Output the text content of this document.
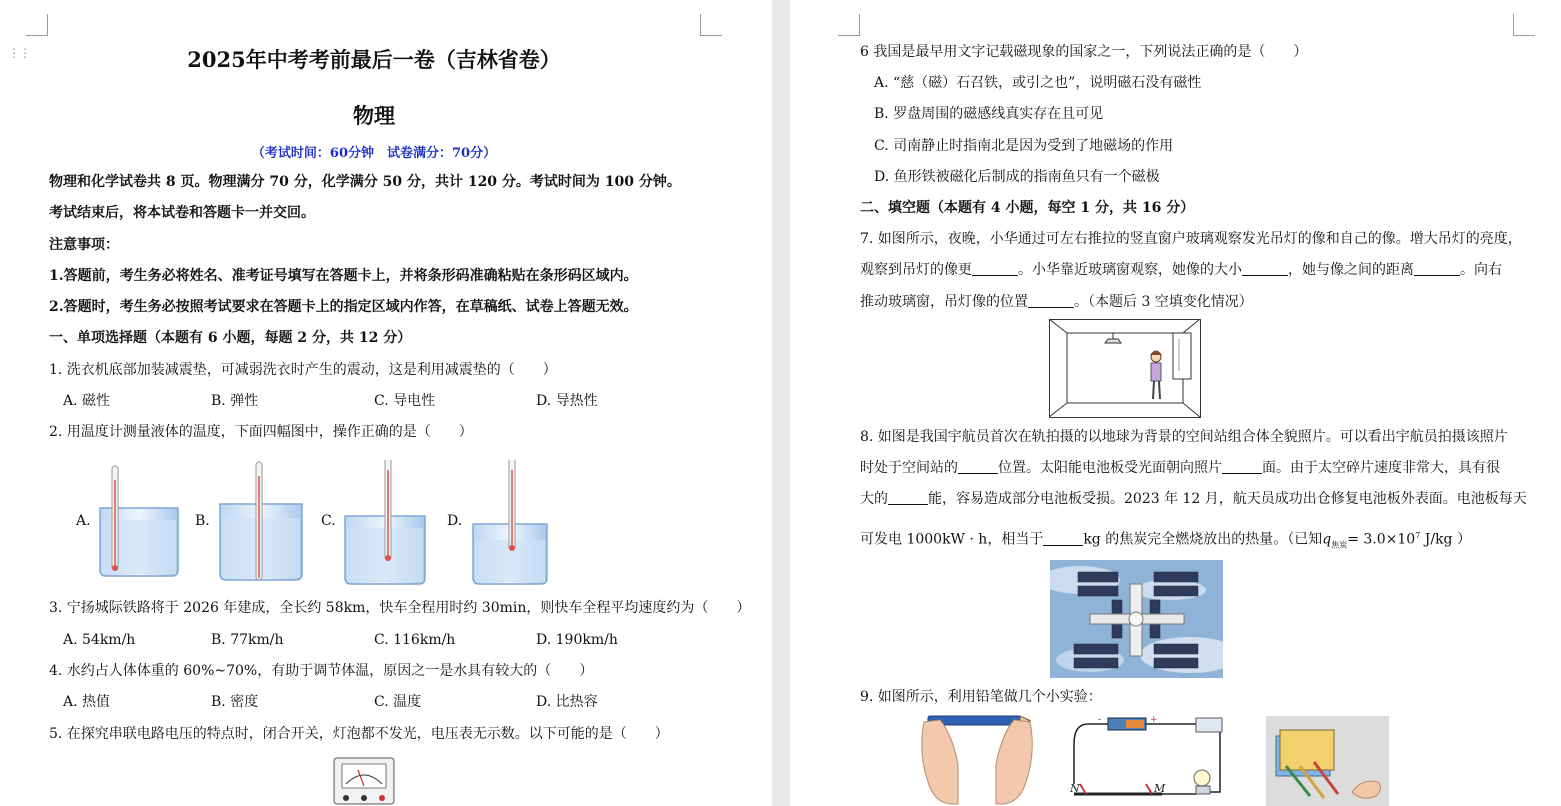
⋮⋮	2025年中考考前最后一卷（吉林省卷）
物理
（考试时间：60分钟　试卷满分：70分）
物理和化学试卷共 8 页。物理满分 70 分，化学满分 50 分，共计 120 分。考试时间为 100 分钟。
考试结束后，将本试卷和答题卡一并交回。
注意事项：
1.答题前，考生务必将姓名、准考证号填写在答题卡上，并将条形码准确粘贴在条形码区域内。
2.答题时，考生务必按照考试要求在答题卡上的指定区域内作答，在草稿纸、试卷上答题无效。
一、单项选择题（本题有 6 小题，每题 2 分，共 12 分）
1. 洗衣机底部加装减震垫，可减弱洗衣时产生的震动，这是利用减震垫的（　　）
A. 磁性	B. 弹性	C. 导电性	D. 导热性
2. 用温度计测量液体的温度，下面四幅图中，操作正确的是（　　）
A.	B.	C.	D.
3. 宁扬城际铁路将于 2026 年建成，全长约 58km，快车全程用时约 30min，则快车全程平均速度约为（　　）
A. 54km/h	B. 77km/h	C. 116km/h	D. 190km/h
4. 水约占人体体重的 60%~70%，有助于调节体温，原因之一是水具有较大的（　　）
A. 热值	B. 密度	C. 温度	D. 比热容
5. 在探究串联电路电压的特点时，闭合开关，灯泡都不发光，电压表无示数。以下可能的是（　　）
6 我国是最早用文字记载磁现象的国家之一，下列说法正确的是（　　）
A. “慈（磁）石召铁，或引之也”，说明磁石没有磁性
B. 罗盘周围的磁感线真实存在且可见
C. 司南静止时指南北是因为受到了地磁场的作用
D. 鱼形铁被磁化后制成的指南鱼只有一个磁极
二、填空题（本题有 4 小题，每空 1 分，共 16 分）
7. 如图所示，夜晚，小华通过可左右推拉的竖直窗户玻璃观察发光吊灯的像和自己的像。增大吊灯的亮度，
观察到吊灯的像更	。小华靠近玻璃窗观察，她像的大小	，她与像之间的距离	。向右
推动玻璃窗，吊灯像的位置	。（本题后 3 空填变化情况）
8. 如图是我国宇航员首次在轨拍摄的以地球为背景的空间站组合体全貌照片。可以看出宇航员拍摄该照片
时处于空间站的	位置。太阳能电池板受光面朝向照片	面。由于太空碎片速度非常大，具有很
大的	能，容易造成部分电池板受损。2023 年 12 月，航天员成功出仓修复电池板外表面。电池板每天
可发电 1000kW · h，相当于	kg 的焦炭完全燃烧放出的热量。（已知$q_{焦炭}= 3.0\times 10^7$ J/kg ）
9. 如图所示，利用铅笔做几个小实验：
-	+
N	M
